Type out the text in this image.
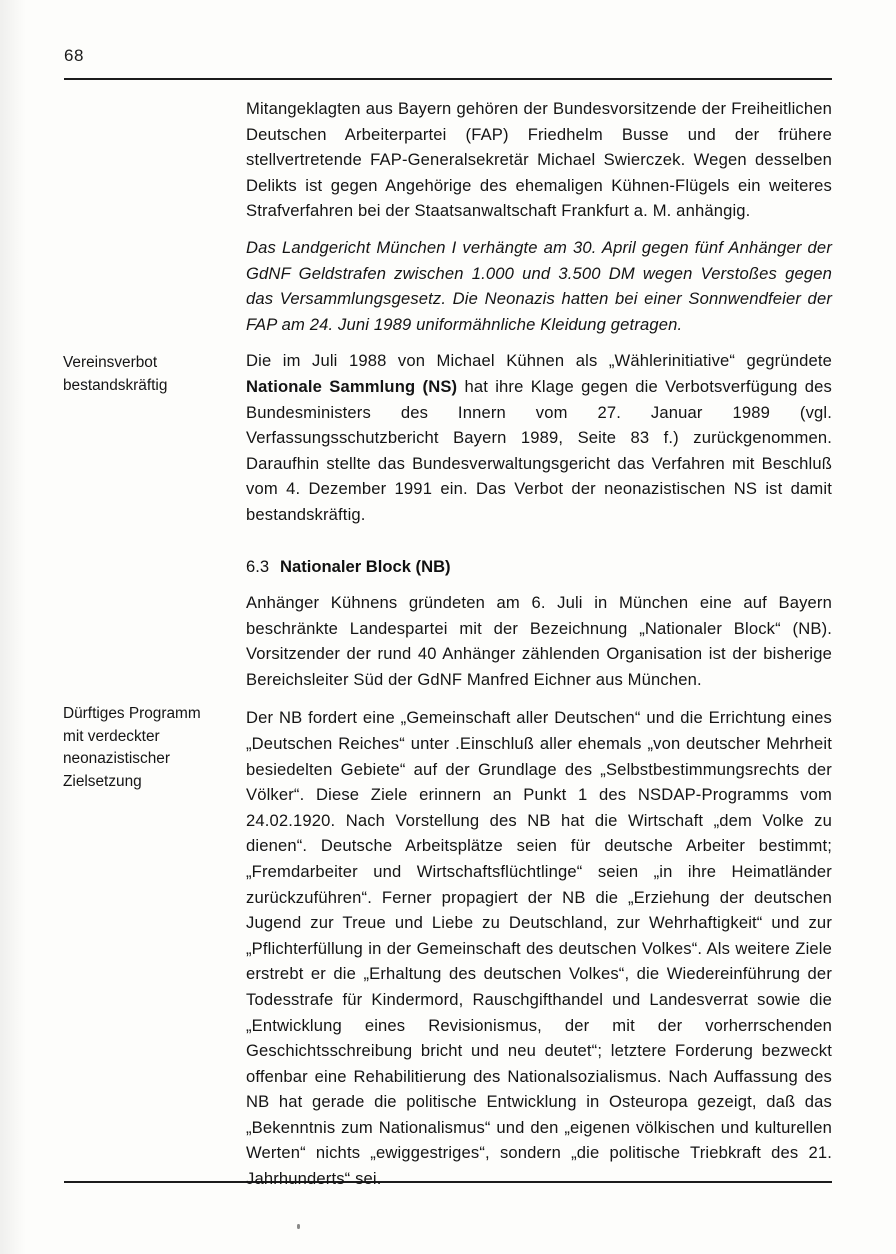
68
Vereinsverbot
bestandskräftig
Dürftiges Programm
mit verdeckter
neonazistischer
Zielsetzung

Mitangeklagten aus Bayern gehören der Bundesvorsitzende der Freiheitlichen Deutschen Arbeiterpartei (FAP) Friedhelm Busse und der frühere stellvertretende FAP-Generalsekretär Michael Swierczek. Wegen desselben Delikts ist gegen Angehörige des ehemaligen Kühnen-Flügels ein weiteres Strafverfahren bei der Staatsanwaltschaft Frankfurt a. M. anhängig.

Das Landgericht München I verhängte am 30. April gegen fünf Anhänger der GdNF Geldstrafen zwischen 1.000 und 3.500 DM wegen Verstoßes gegen das Versammlungsgesetz. Die Neonazis hatten bei einer Sonnwendfeier der FAP am 24. Juni 1989 uniformähnliche Kleidung getragen.

Die im Juli 1988 von Michael Kühnen als „Wählerinitiative“ gegründete Nationale Sammlung (NS) hat ihre Klage gegen die Verbotsverfügung des Bundesministers des Innern vom 27. Januar 1989 (vgl. Verfassungsschutzbericht Bayern 1989, Seite 83 f.) zurückgenommen. Daraufhin stellte das Bundesverwaltungsgericht das Verfahren mit Beschluß vom 4. Dezember 1991 ein. Das Verbot der neonazistischen NS ist damit bestandskräftig.

6.3 Nationaler Block (NB)

Anhänger Kühnens gründeten am 6. Juli in München eine auf Bayern beschränkte Landespartei mit der Bezeichnung „Nationaler Block“ (NB). Vorsitzender der rund 40 Anhänger zählenden Organisation ist der bisherige Bereichsleiter Süd der GdNF Manfred Eichner aus München.

Der NB fordert eine „Gemeinschaft aller Deutschen“ und die Errichtung eines „Deutschen Reiches“ unter .Einschluß aller ehemals „von deutscher Mehrheit besiedelten Gebiete“ auf der Grundlage des „Selbstbestimmungsrechts der Völker“. Diese Ziele erinnern an Punkt 1 des NSDAP-Programms vom 24.02.1920. Nach Vorstellung des NB hat die Wirtschaft „dem Volke zu dienen“. Deutsche Arbeitsplätze seien für deutsche Arbeiter bestimmt; „Fremdarbeiter und Wirtschaftsflüchtlinge“ seien „in ihre Heimatländer zurückzuführen“. Ferner propagiert der NB die „Erziehung der deutschen Jugend zur Treue und Liebe zu Deutschland, zur Wehrhaftigkeit“ und zur „Pflichterfüllung in der Gemeinschaft des deutschen Volkes“. Als weitere Ziele erstrebt er die „Erhaltung des deutschen Volkes“, die Wiedereinführung der Todesstrafe für Kindermord, Rauschgifthandel und Landesverrat sowie die „Entwicklung eines Revisionismus, der mit der vorherrschenden Geschichtsschreibung bricht und neu deutet“; letztere Forderung bezweckt offenbar eine Rehabilitierung des Nationalsozialismus. Nach Auffassung des NB hat gerade die politische Entwicklung in Osteuropa gezeigt, daß das „Bekenntnis zum Nationalismus“ und den „eigenen völkischen und kulturellen Werten“ nichts „ewiggestriges“, sondern „die politische Triebkraft des 21. Jahrhunderts“ sei.
